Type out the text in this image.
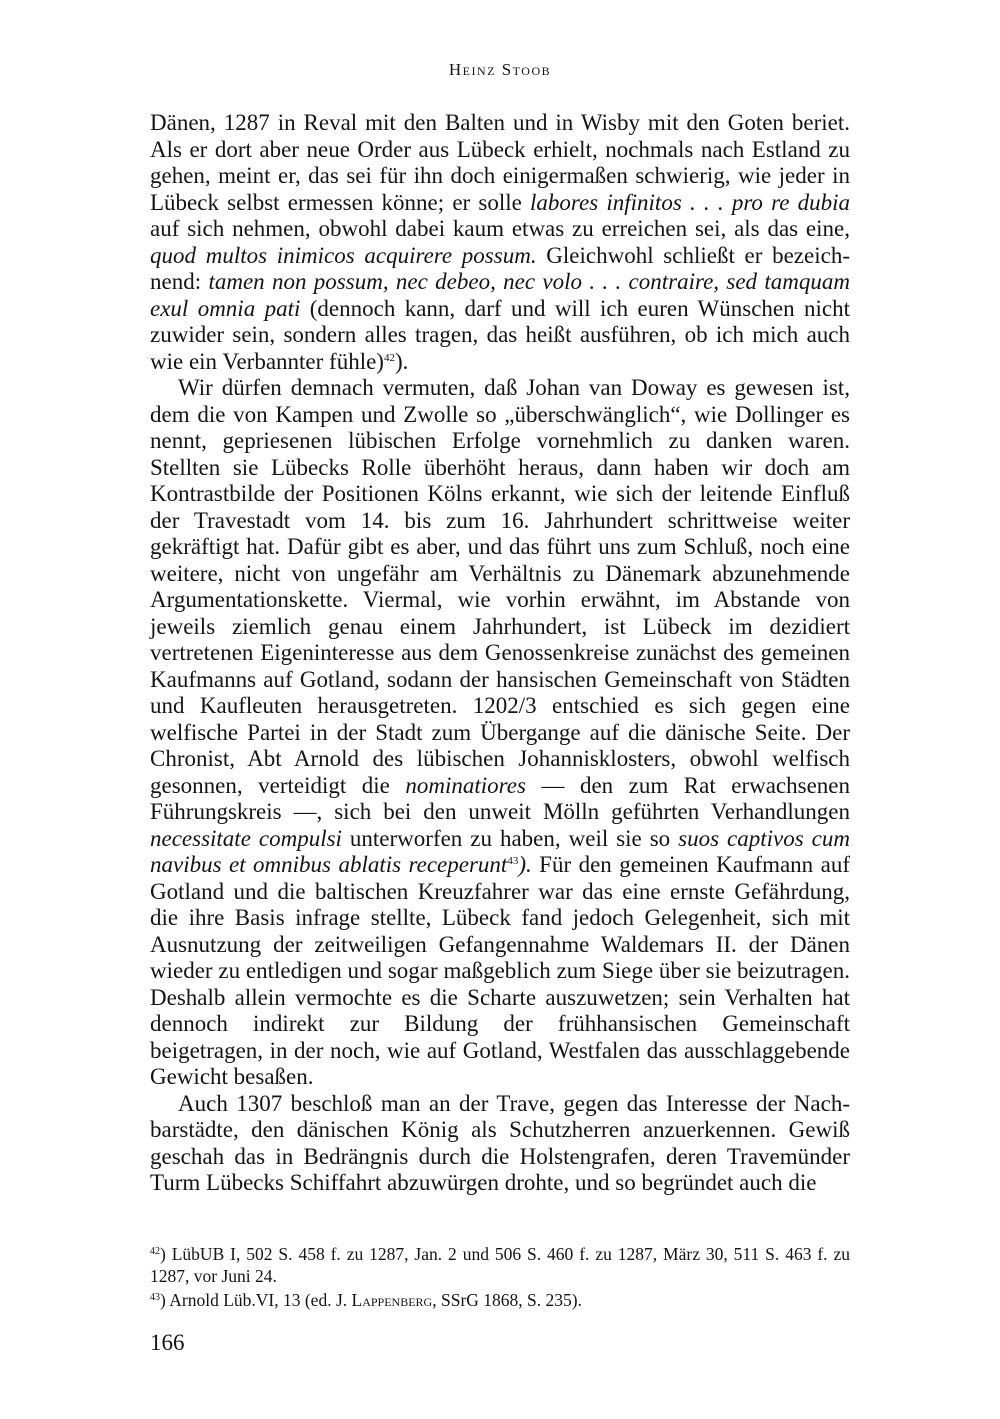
Heinz Stoob

Dänen, 1287 in Reval mit den Balten und in Wisby mit den Goten beriet. Als er dort aber neue Order aus Lübeck erhielt, nochmals nach Estland zu gehen, meint er, das sei für ihn doch einigermaßen schwierig, wie jeder in Lübeck selbst ermessen könne; er solle labores infinitos . . . pro re dubia auf sich nehmen, obwohl dabei kaum etwas zu erreichen sei, als das eine, quod multos inimicos acquirere possum. Gleichwohl schließt er bezeichnend: tamen non possum, nec debeo, nec volo . . . contraire, sed tamquam exul omnia pati (dennoch kann, darf und will ich euren Wünschen nicht zuwider sein, sondern alles tragen, das heißt ausführen, ob ich mich auch wie ein Verbannter fühle)$^{42}$).

Wir dürfen demnach vermuten, daß Johan van Doway es gewesen ist, dem die von Kampen und Zwolle so „überschwänglich“, wie Dollinger es nennt, gepriesenen lübischen Erfolge vornehmlich zu danken waren. Stellten sie Lübecks Rolle überhöht heraus, dann haben wir doch am Kontrastbilde der Positionen Kölns erkannt, wie sich der leitende Einfluß der Travestadt vom 14. bis zum 16. Jahrhundert schrittweise weiter gekräftigt hat. Dafür gibt es aber, und das führt uns zum Schluß, noch eine weitere, nicht von ungefähr am Verhältnis zu Dänemark abzunehmende Argumentationskette. Viermal, wie vorhin erwähnt, im Abstande von jeweils ziemlich genau einem Jahrhundert, ist Lübeck im dezidiert vertretenen Eigeninteresse aus dem Genossenkreise zunächst des gemeinen Kaufmanns auf Gotland, sodann der hansischen Gemeinschaft von Städten und Kaufleuten herausgetreten. 1202/3 entschied es sich gegen eine welfische Partei in der Stadt zum Übergange auf die dänische Seite. Der Chronist, Abt Arnold des lübischen Johannisklosters, obwohl welfisch gesonnen, verteidigt die nominatiores — den zum Rat erwachsenen Führungskreis —, sich bei den unweit Mölln geführten Verhandlungen necessitate compulsi unterworfen zu haben, weil sie so suos captivos cum navibus et omnibus ablatis receperunt$^{43}$). Für den gemeinen Kaufmann auf Gotland und die baltischen Kreuzfahrer war das eine ernste Gefährdung, die ihre Basis infrage stellte, Lübeck fand jedoch Gelegenheit, sich mit Ausnutzung der zeitweiligen Gefangennahme Waldemars II. der Dänen wieder zu entledigen und sogar maßgeblich zum Siege über sie beizutragen. Deshalb allein vermochte es die Scharte auszuwetzen; sein Verhalten hat dennoch indirekt zur Bildung der frühhansischen Gemeinschaft beigetragen, in der noch, wie auf Gotland, Westfalen das ausschlaggebende Gewicht besaßen.

Auch 1307 beschloß man an der Trave, gegen das Interesse der Nachbarstädte, den dänischen König als Schutzherren anzuerkennen. Gewiß geschah das in Bedrängnis durch die Holstengrafen, deren Travemünder Turm Lübecks Schiffahrt abzuwürgen drohte, und so begründet auch die

$^{42}$) LübUB I, 502 S. 458 f. zu 1287, Jan. 2 und 506 S. 460 f. zu 1287, März 30, 511 S. 463 f. zu 1287, vor Juni 24.

$^{43}$) Arnold Lüb.VI, 13 (ed. J. Lappenberg, SSrG 1868, S. 235).

166
